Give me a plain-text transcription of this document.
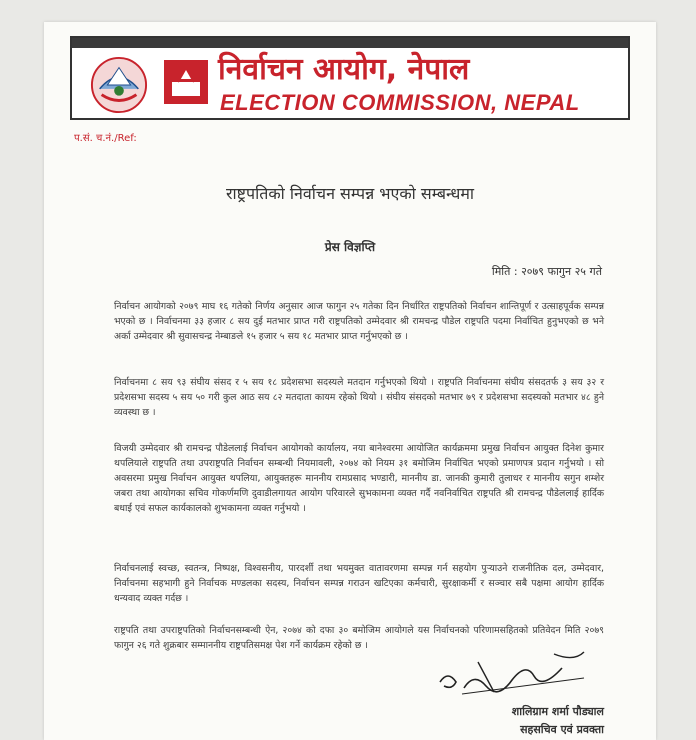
निर्वाचन आयोग, नेपाल
ELECTION COMMISSION, NEPAL
प.सं. च.नं./Ref:
राष्ट्रपतिको निर्वाचन सम्पन्न भएको सम्बन्धमा
प्रेस विज्ञप्ति
मिति : २०७९ फागुन २५ गते

निर्वाचन आयोगको २०७९ माघ १६ गतेको निर्णय अनुसार आज फागुन २५ गतेका दिन निर्धारित राष्ट्रपतिको निर्वाचन शान्तिपूर्ण र उत्साहपूर्वक सम्पन्न भएको छ । निर्वाचनमा ३३ हजार ८ सय दुई मतभार प्राप्त गरी राष्ट्रपतिको उम्मेदवार श्री रामचन्द्र पौडेल राष्ट्रपति पदमा निर्वाचित हुनुभएको छ भने अर्का उम्मेदवार श्री सुवासचन्द्र नेम्बाङले १५ हजार ५ सय १८ मतभार प्राप्त गर्नुभएको छ ।

निर्वाचनमा ८ सय ९३ संघीय संसद र ५ सय १८ प्रदेशसभा सदस्यले मतदान गर्नुभएको थियो । राष्ट्रपति निर्वाचनमा संघीय संसदतर्फ ३ सय ३२ र प्रदेशसभा सदस्य ५ सय ५० गरी कुल आठ सय ८२ मतदाता कायम रहेको थियो । संघीय संसदको मतभार ७९ र प्रदेशसभा सदस्यको मतभार ४८ हुने व्यवस्था छ ।

विजयी उम्मेदवार श्री रामचन्द्र पौडेललाई निर्वाचन आयोगको कार्यालय, नया बानेश्वरमा आयोजित कार्यक्रममा प्रमुख निर्वाचन आयुक्त दिनेश कुमार थपलियाले राष्ट्रपति तथा उपराष्ट्रपति निर्वाचन सम्बन्धी नियमावली, २०७४ को नियम ३१ बमोजिम निर्वाचित भएको प्रमाणपत्र प्रदान गर्नुभयो । सो अवसरमा प्रमुख निर्वाचन आयुक्त थपलिया, आयुक्तहरू माननीय रामप्रसाद भण्डारी, माननीय डा. जानकी कुमारी तुलाधर र माननीय सगुन शम्शेर जबरा तथा आयोगका सचिव गोकर्णमणि दुवाडीलगायत आयोग परिवारले सुभकामना व्यक्त गर्दै नवनिर्वाचित राष्ट्रपति श्री रामचन्द्र पौडेललाई हार्दिक बधाई एवं सफल कार्यकालको शुभकामना व्यक्त गर्नुभयो ।

निर्वाचनलाई स्वच्छ, स्वतन्त्र, निष्पक्ष, विश्वसनीय, पारदर्शी तथा भयमुक्त वातावरणमा सम्पन्न गर्न सहयोग पुर्‍याउने राजनीतिक दल, उम्मेदवार, निर्वाचनमा सहभागी हुने निर्वाचक मण्डलका सदस्य, निर्वाचन सम्पन्न गराउन खटिएका कर्मचारी, सुरक्षाकर्मी र सञ्चार सबै पक्षमा आयोग हार्दिक धन्यवाद व्यक्त गर्दछ ।

राष्ट्रपति तथा उपराष्ट्रपतिको निर्वाचनसम्बन्धी ऐन, २०७४ को दफा ३० बमोजिम आयोगले यस निर्वाचनको परिणामसहितको प्रतिवेदन मिति २०७९ फागुन २६ गते शुक्रबार सम्माननीय राष्ट्रपतिसमक्ष पेश गर्ने कार्यक्रम रहेको छ ।

शालिग्राम शर्मा पौड्याल
सहसचिव एवं प्रवक्ता
